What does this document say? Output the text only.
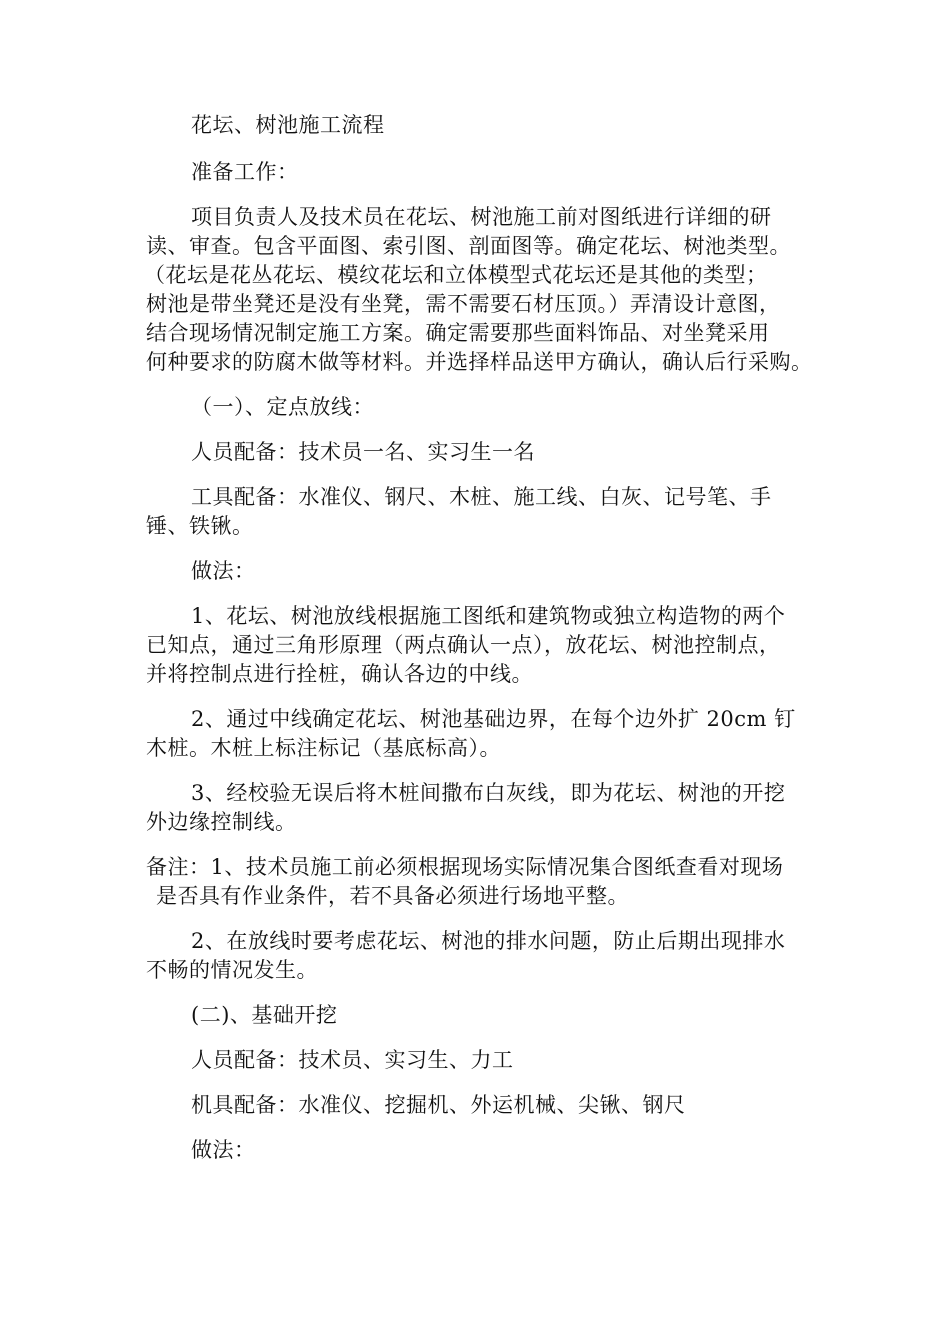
花坛、树池施工流程
准备工作：
项目负责人及技术员在花坛、树池施工前对图纸进行详细的研
读、审查。包含平面图、索引图、剖面图等。确定花坛、树池类型。
（花坛是花丛花坛、模纹花坛和立体模型式花坛还是其他的类型；
树池是带坐凳还是没有坐凳，需不需要石材压顶。）弄清设计意图，
结合现场情况制定施工方案。确定需要那些面料饰品、对坐凳采用
何种要求的防腐木做等材料。并选择样品送甲方确认，确认后行采购。
（一）、定点放线：
人员配备：技术员一名、实习生一名
工具配备：水准仪、钢尺、木桩、施工线、白灰、记号笔、手
锤、铁锹。
做法：
1、花坛、树池放线根据施工图纸和建筑物或独立构造物的两个
已知点，通过三角形原理（两点确认一点），放花坛、树池控制点，
并将控制点进行拴桩，确认各边的中线。
2、通过中线确定花坛、树池基础边界，在每个边外扩 20cm 钉
木桩。木桩上标注标记（基底标高）。
3、经校验无误后将木桩间撒布白灰线，即为花坛、树池的开挖
外边缘控制线。
备注：1、技术员施工前必须根据现场实际情况集合图纸查看对现场
是否具有作业条件，若不具备必须进行场地平整。
2、在放线时要考虑花坛、树池的排水问题，防止后期出现排水
不畅的情况发生。
(二)、基础开挖
人员配备：技术员、实习生、力工
机具配备：水准仪、挖掘机、外运机械、尖锹、钢尺
做法：
